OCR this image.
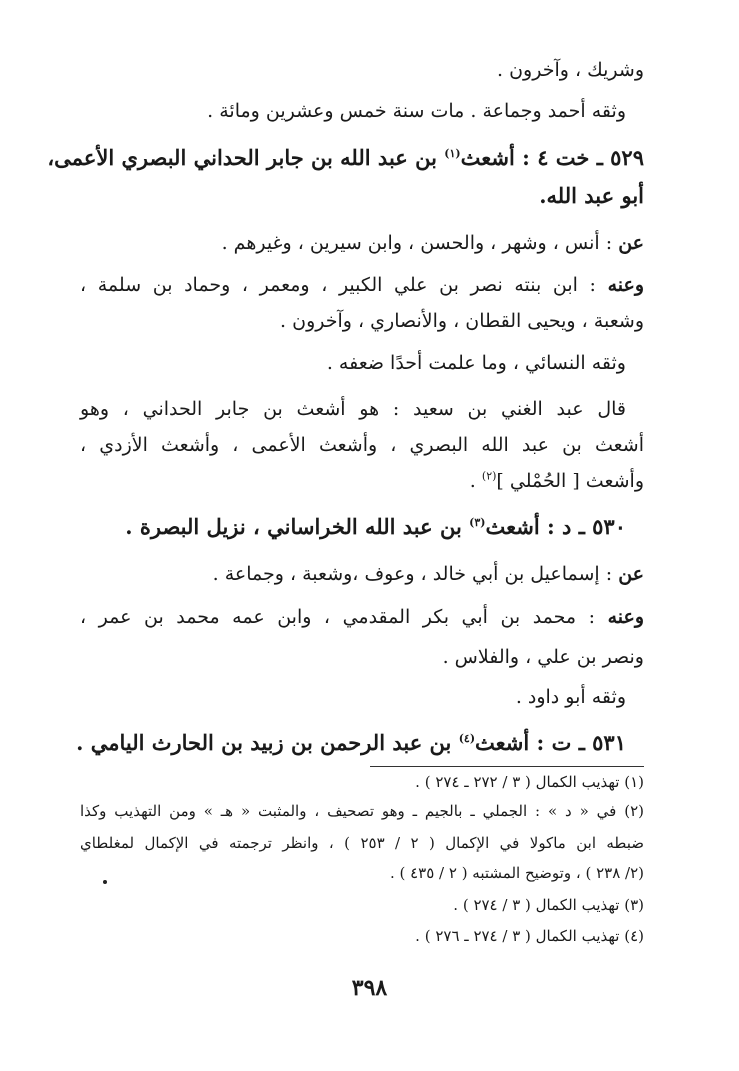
وشريك ، وآخرون .
وثقه أحمد وجماعة . مات سنة خمس وعشرين ومائة .
٥٢٩ ـ خت ٤ : أشعث$^{(١)}$ بن عبد الله بن جابر الحداني البصري الأعمى،
أبو عبد الله.
عن : أنس ، وشهر ، والحسن ، وابن سيرين ، وغيرهم .
وعنه : ابن بنته نصر بن علي الكبير ، ومعمر ، وحماد بن سلمة ،
وشعبة ، ويحيى القطان ، والأنصاري ، وآخرون .
وثقه النسائي ، وما علمت أحدًا ضعفه .
قال عبد الغني بن سعيد : هو أشعث بن جابر الحداني ، وهو
أشعث بن عبد الله البصري ، وأشعث الأعمى ، وأشعث الأزدي ،
وأشعث [ الحُمْلي ]$^{(٢)}$ .
٥٣٠ ـ د : أشعث$^{(٣)}$ بن عبد الله الخراساني ، نزيل البصرة .
عن : إسماعيل بن أبي خالد ، وعوف ،وشعبة ، وجماعة .
وعنه : محمد بن أبي بكر المقدمي ، وابن عمه محمد بن عمر ،
ونصر بن علي ، والفلاس .
وثقه أبو داود .
٥٣١ ـ ت : أشعث$^{(٤)}$ بن عبد الرحمن بن زبيد بن الحارث اليامي .
(١) تهذيب الكمال ( ٣ / ٢٧٢ ـ ٢٧٤ ) .
(٢) في « د » : الجملي ـ بالجيم ـ وهو تصحيف ، والمثبت « هـ » ومن التهذيب وكذا
ضبطه ابن ماكولا في الإكمال ( ٢ / ٢٥٣ ) ، وانظر ترجمته في الإكمال لمغلطاي
(٢/ ٢٣٨ ) ، وتوضيح المشتبه ( ٢ / ٤٣٥ ) .
(٣) تهذيب الكمال ( ٣ / ٢٧٤ ) .
(٤) تهذيب الكمال ( ٣ / ٢٧٤ ـ ٢٧٦ ) .
٣٩٨
